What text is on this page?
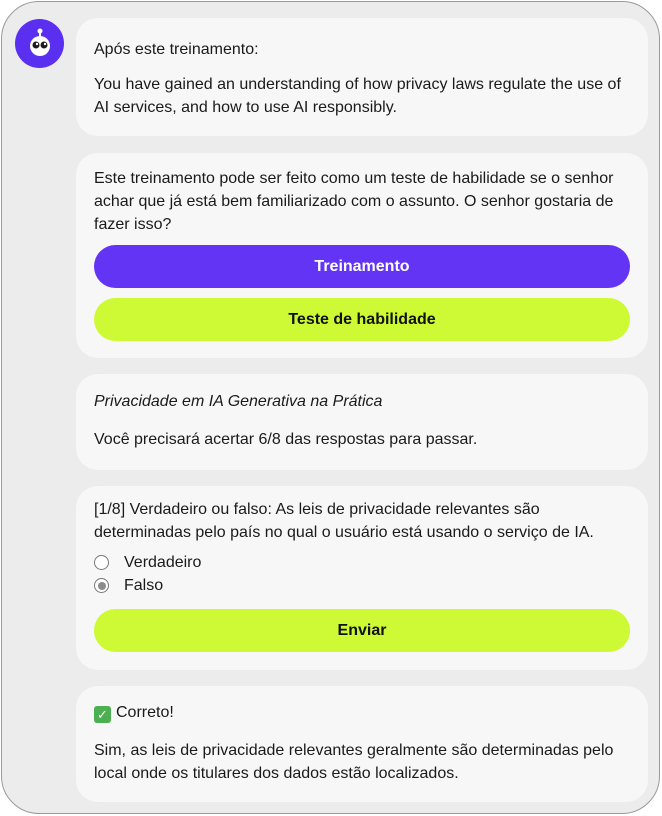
Após este treinamento:

You have gained an understanding of how privacy laws regulate the use of AI services, and how to use AI responsibly.

Este treinamento pode ser feito como um teste de habilidade se o senhor achar que já está bem familiarizado com o assunto. O senhor gostaria de fazer isso?

Treinamento
Teste de habilidade

Privacidade em IA Generativa na Prática

Você precisará acertar 6/8 das respostas para passar.

[1/8] Verdadeiro ou falso: As leis de privacidade relevantes são determinadas pelo país no qual o usuário está usando o serviço de IA.

Verdadeiro
Falso
Enviar

✓ Correto!

Sim, as leis de privacidade relevantes geralmente são determinadas pelo local onde os titulares dos dados estão localizados.
